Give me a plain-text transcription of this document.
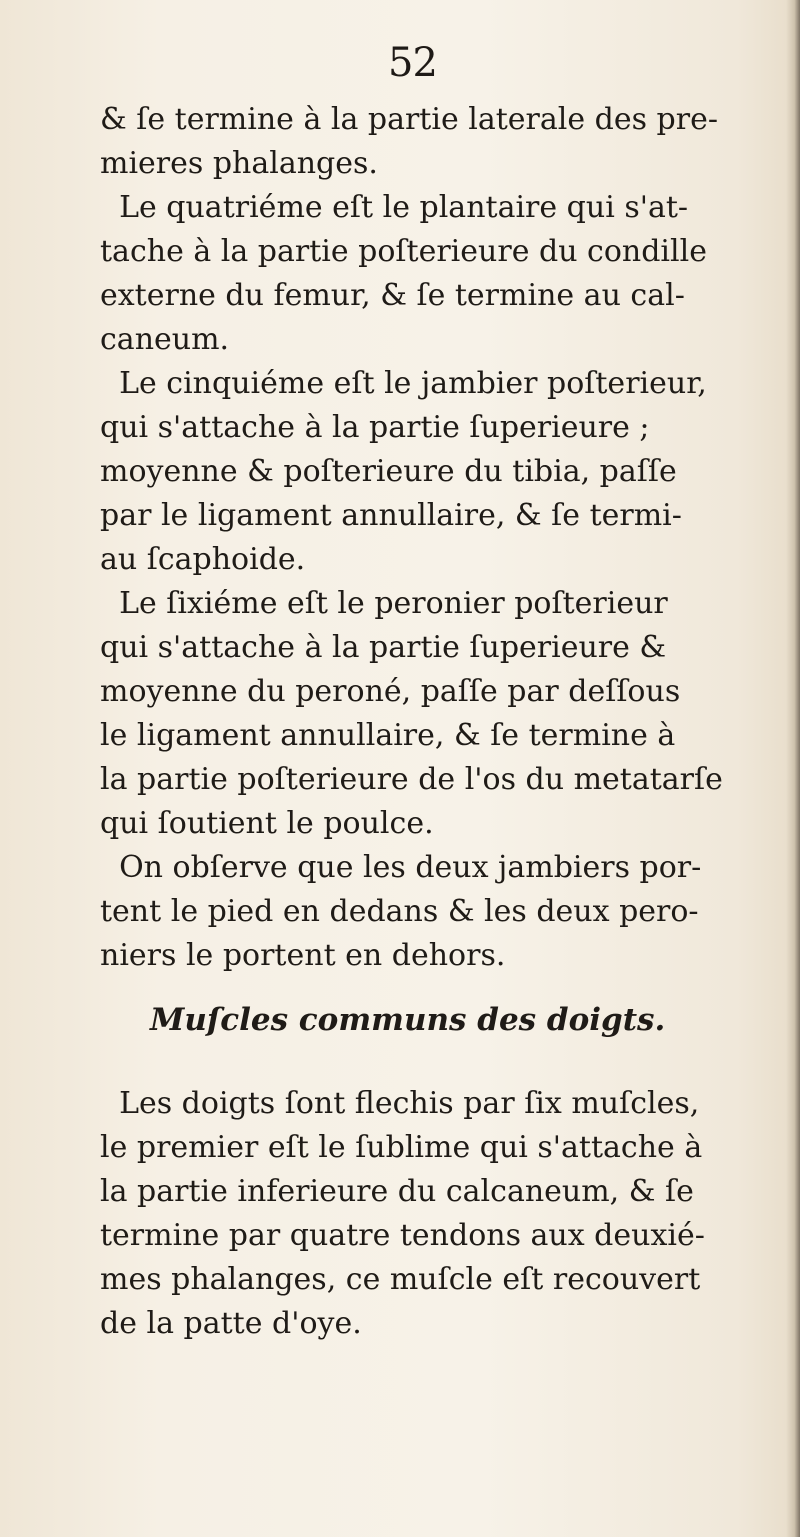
52
& ſe termine à la partie laterale des pre-
mieres phalanges.
Le quatriéme eſt le plantaire qui s'at-
tache à la partie poſterieure du condille
externe du femur, & ſe termine au cal-
caneum.
Le cinquiéme eſt le jambier poſterieur,
qui s'attache à la partie ſuperieure ;
moyenne & poſterieure du tibia, paſſe
par le ligament annullaire, & ſe termi-
au ſcaphoide.
Le ſixiéme eſt le peronier poſterieur
qui s'attache à la partie ſuperieure &
moyenne du peroné, paſſe par deſſous
le ligament annullaire, & ſe termine à
la partie poſterieure de l'os du metatarſe
qui ſoutient le poulce.
On obſerve que les deux jambiers por-
tent le pied en dedans & les deux pero-
niers le portent en dehors.
Muſcles communs des doigts.
Les doigts ſont flechis par ſix muſcles,
le premier eſt le ſublime qui s'attache à
la partie inferieure du calcaneum, & ſe
termine par quatre tendons aux deuxié-
mes phalanges, ce muſcle eſt recouvert
de la patte d'oye.
